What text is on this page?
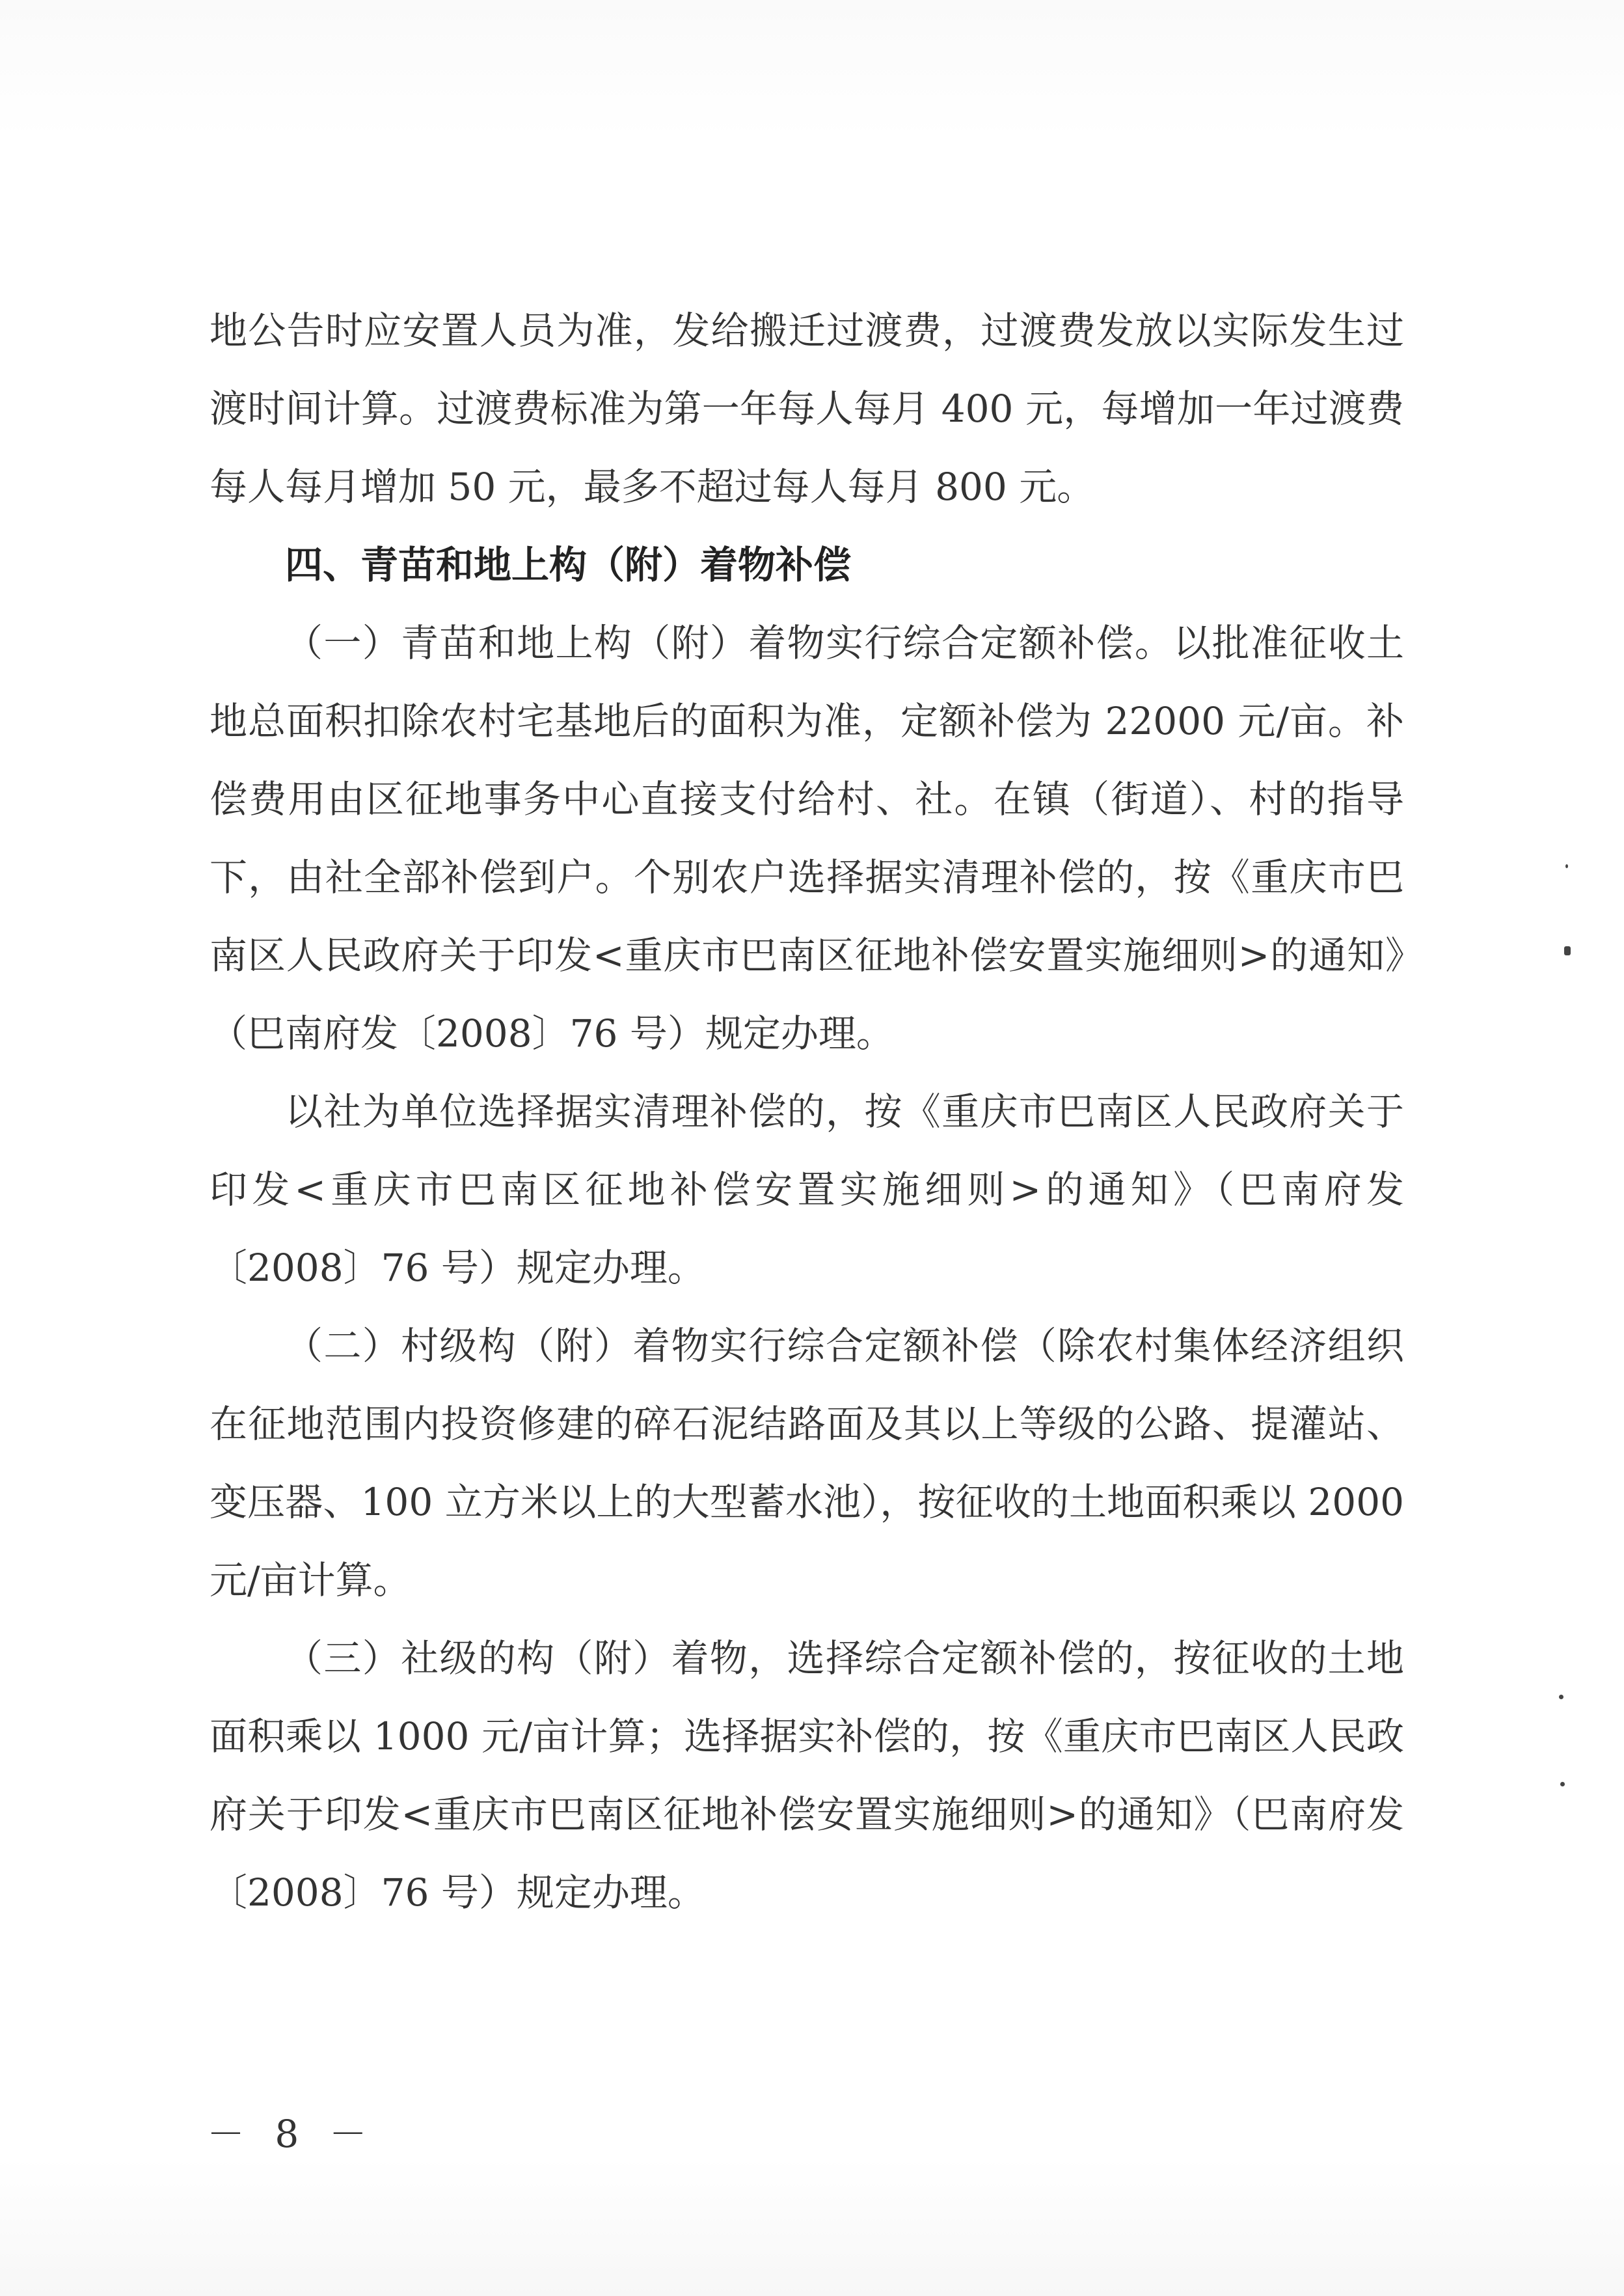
地公告时应安置人员为准，发给搬迁过渡费，过渡费发放以实际发生过渡时间计算。过渡费标准为第一年每人每月 400 元，每增加一年过渡费每人每月增加 50 元，最多不超过每人每月 800 元。

四、青苗和地上构（附）着物补偿

（一）青苗和地上构（附）着物实行综合定额补偿。以批准征收土地总面积扣除农村宅基地后的面积为准，定额补偿为 22000 元/亩。补偿费用由区征地事务中心直接支付给村、社。在镇（街道）、村的指导下，由社全部补偿到户。个别农户选择据实清理补偿的，按《重庆市巴南区人民政府关于印发<重庆市巴南区征地补偿安置实施细则>的通知》（巴南府发〔2008〕76 号）规定办理。

以社为单位选择据实清理补偿的，按《重庆市巴南区人民政府关于印发<重庆市巴南区征地补偿安置实施细则>的通知》（巴南府发〔2008〕76 号）规定办理。

（二）村级构（附）着物实行综合定额补偿（除农村集体经济组织在征地范围内投资修建的碎石泥结路面及其以上等级的公路、提灌站、变压器、100 立方米以上的大型蓄水池），按征收的土地面积乘以 2000 元/亩计算。

（三）社级的构（附）着物，选择综合定额补偿的，按征收的土地面积乘以 1000 元/亩计算；选择据实补偿的，按《重庆市巴南区人民政府关于印发<重庆市巴南区征地补偿安置实施细则>的通知》（巴南府发〔2008〕76 号）规定办理。

－ 8 －
